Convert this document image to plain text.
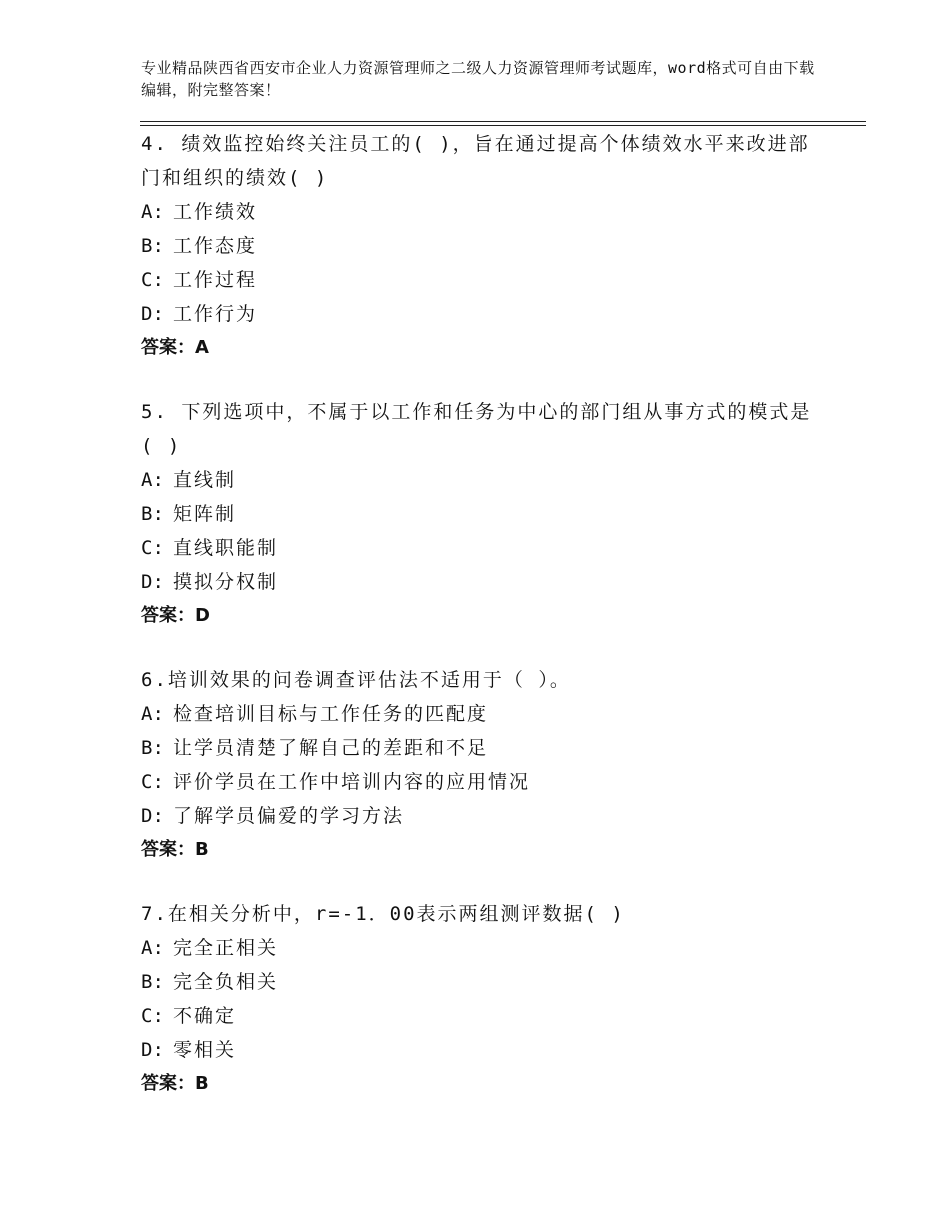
专业精品陕西省西安市企业人力资源管理师之二级人力资源管理师考试题库，word格式可自由下载编辑，附完整答案！

4. 绩效监控始终关注员工的( )，旨在通过提高个体绩效水平来改进部门和组织的绩效( )

A: 工作绩效

B: 工作态度

C: 工作过程

D: 工作行为

答案：A

5. 下列选项中，不属于以工作和任务为中心的部门组从事方式的模式是( )

A: 直线制

B: 矩阵制

C: 直线职能制

D: 摸拟分权制

答案：D

6.培训效果的问卷调查评估法不适用于（ ）。

A: 检查培训目标与工作任务的匹配度

B: 让学员清楚了解自己的差距和不足

C: 评价学员在工作中培训内容的应用情况

D: 了解学员偏爱的学习方法

答案：B

7.在相关分析中，r=-1．00表示两组测评数据( )

A: 完全正相关

B: 完全负相关

C: 不确定

D: 零相关

答案：B
